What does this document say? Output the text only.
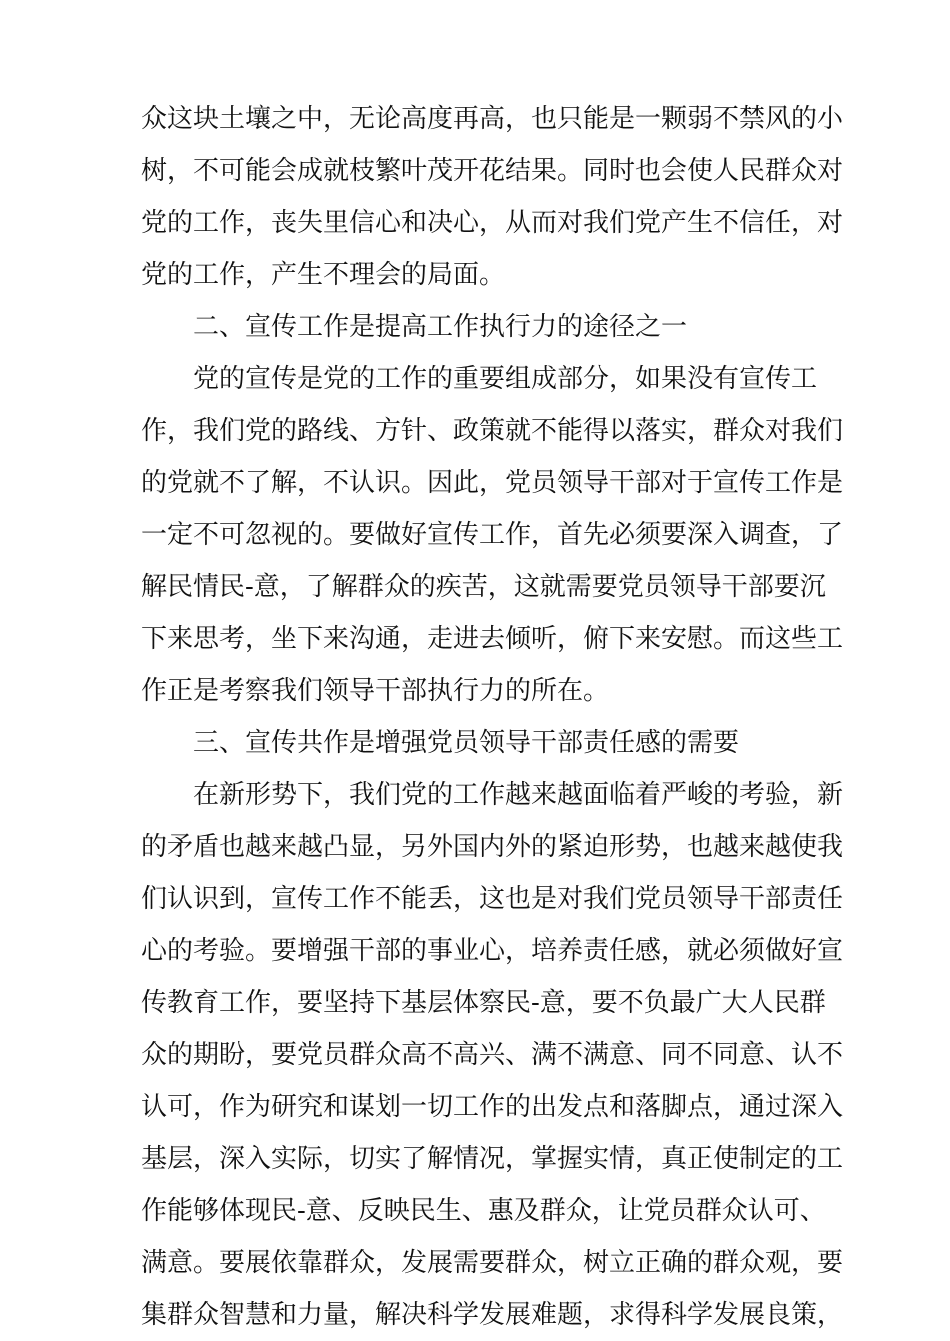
众这块土壤之中，无论高度再高，也只能是一颗弱不禁风的小
树，不可能会成就枝繁叶茂开花结果。同时也会使人民群众对
党的工作，丧失里信心和决心，从而对我们党产生不信任，对
党的工作，产生不理会的局面。
二、宣传工作是提高工作执行力的途径之一
党的宣传是党的工作的重要组成部分，如果没有宣传工
作，我们党的路线、方针、政策就不能得以落实，群众对我们
的党就不了解，不认识。因此，党员领导干部对于宣传工作是
一定不可忽视的。要做好宣传工作，首先必须要深入调查，了
解民情民-意，了解群众的疾苦，这就需要党员领导干部要沉
下来思考，坐下来沟通，走进去倾听，俯下来安慰。而这些工
作正是考察我们领导干部执行力的所在。
三、宣传共作是增强党员领导干部责任感的需要
在新形势下，我们党的工作越来越面临着严峻的考验，新
的矛盾也越来越凸显，另外国内外的紧迫形势，也越来越使我
们认识到，宣传工作不能丢，这也是对我们党员领导干部责任
心的考验。要增强干部的事业心，培养责任感，就必须做好宣
传教育工作，要坚持下基层体察民-意，要不负最广大人民群
众的期盼，要党员群众高不高兴、满不满意、同不同意、认不
认可，作为研究和谋划一切工作的出发点和落脚点，通过深入
基层，深入实际，切实了解情况，掌握实情，真正使制定的工
作能够体现民-意、反映民生、惠及群众，让党员群众认可、
满意。要展依靠群众，发展需要群众，树立正确的群众观，要
集群众智慧和力量，解决科学发展难题，求得科学发展良策，
